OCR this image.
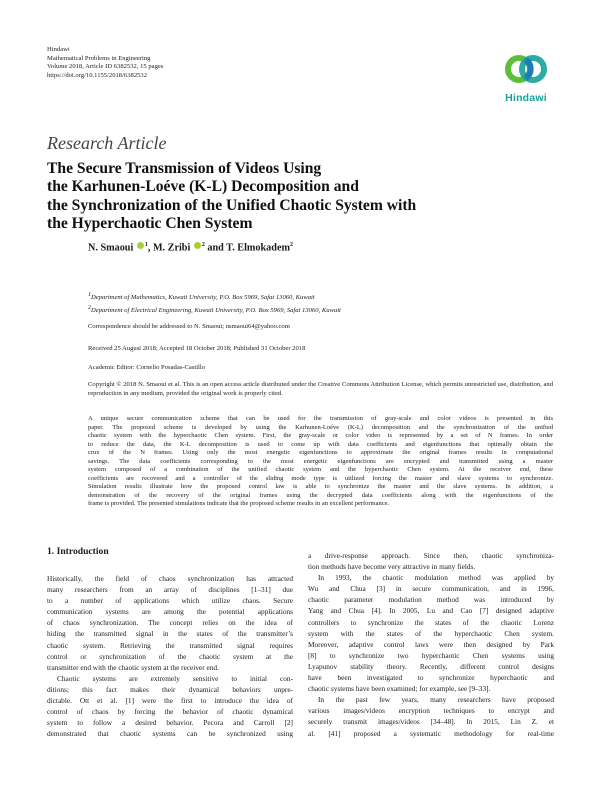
Hindawi
Mathematical Problems in Engineering
Volume 2018, Article ID 6382532, 15 pages
https://doi.org/10.1155/2018/6382532
Hindawi
Research Article
The Secure Transmission of Videos Using
the Karhunen-Loéve (K-L) Decomposition and
the Synchronization of the Unified Chaotic System with
the Hyperchaotic Chen System
N. Smaoui $^1$, M. Zribi $^2$ and T. Elmokadem$^2$
$^1$Department of Mathematics, Kuwait University, P.O. Box 5969, Safat 13060, Kuwait
$^2$Department of Electrical Engineering, Kuwait University, P.O. Box 5969, Safat 13060, Kuwait
Correspondence should be addressed to N. Smaoui; nsmaoui64@yahoo.com
Received 25 August 2018; Accepted 18 October 2018; Published 31 October 2018
Academic Editor: Cornelio Posadas-Castillo
Copyright © 2018 N. Smaoui et al. This is an open access article distributed under the Creative Commons Attribution License, which permits unrestricted use, distribution, and reproduction in any medium, provided the original work is properly cited.
A unique secure communication scheme that can be used for the transmission of gray-scale and color videos is presented in this
paper. The proposed scheme is developed by using the Karhunen-Loéve (K-L) decomposition and the synchronization of the unified
chaotic system with the hyperchaotic Chen system. First, the gray-scale or color video is represented by a set of N frames. In order
to reduce the data, the K-L decomposition is used to come up with data coefficients and eigenfunctions that optimally obtain the
crux of the N frames. Using only the most energetic eigenfunctions to approximate the original frames results in computational
savings. The data coefficients corresponding to the most energetic eigenfunctions are encrypted and transmitted using a master
system composed of a combination of the unified chaotic system and the hyperchaotic Chen system. At the receiver end, these
coefficients are recovered and a controller of the sliding mode type is utilized forcing the master and slave systems to synchronize.
Simulation results illustrate how the proposed control law is able to synchronize the master and the slave systems. In addition, a
demonstration of the recovery of the original frames using the decrypted data coefficients along with the eigenfunctions of the
frame is provided. The presented simulations indicate that the proposed scheme results in an excellent performance.
1. Introduction
Historically, the field of chaos synchronization has attracted
many researchers from an array of disciplines [1–31] due
to a number of applications which utilize chaos. Secure
communication systems are among the potential applications
of chaos synchronization. The concept relies on the idea of
hiding the transmitted signal in the states of the transmitter’s
chaotic system. Retrieving the transmitted signal requires
control or synchronization of the chaotic system at the
transmitter end with the chaotic system at the receiver end.
Chaotic systems are extremely sensitive to initial con-
ditions; this fact makes their dynamical behaviors unpre-
dictable. Ott et al. [1] were the first to introduce the idea of
control of chaos by forcing the behavior of chaotic dynamical
system to follow a desired behavior. Pecora and Carroll [2]
demonstrated that chaotic systems can be synchronized using
a drive-response approach. Since then, chaotic synchroniza-
tion methods have become very attractive in many fields.
In 1993, the chaotic modulation method was applied by
Wu and Chua [3] in secure communication, and in 1996,
chaotic parameter modulation method was introduced by
Yang and Chua [4]. In 2005, Lu and Cao [7] designed adaptive
controllers to synchronize the states of the chaotic Lorenz
system with the states of the hyperchaotic Chen system.
Moreover, adaptive control laws were then designed by Park
[8] to synchronize two hyperchaotic Chen systems using
Lyapunov stability theory. Recently, different control designs
have been investigated to synchronize hyperchaotic and
chaotic systems have been examined; for example, see [9–33].
In the past few years, many researchers have proposed
various images/videos encryption techniques to encrypt and
securely transmit images/videos [34–48]. In 2015, Lin Z. et
al. [41] proposed a systematic methodology for real-time
